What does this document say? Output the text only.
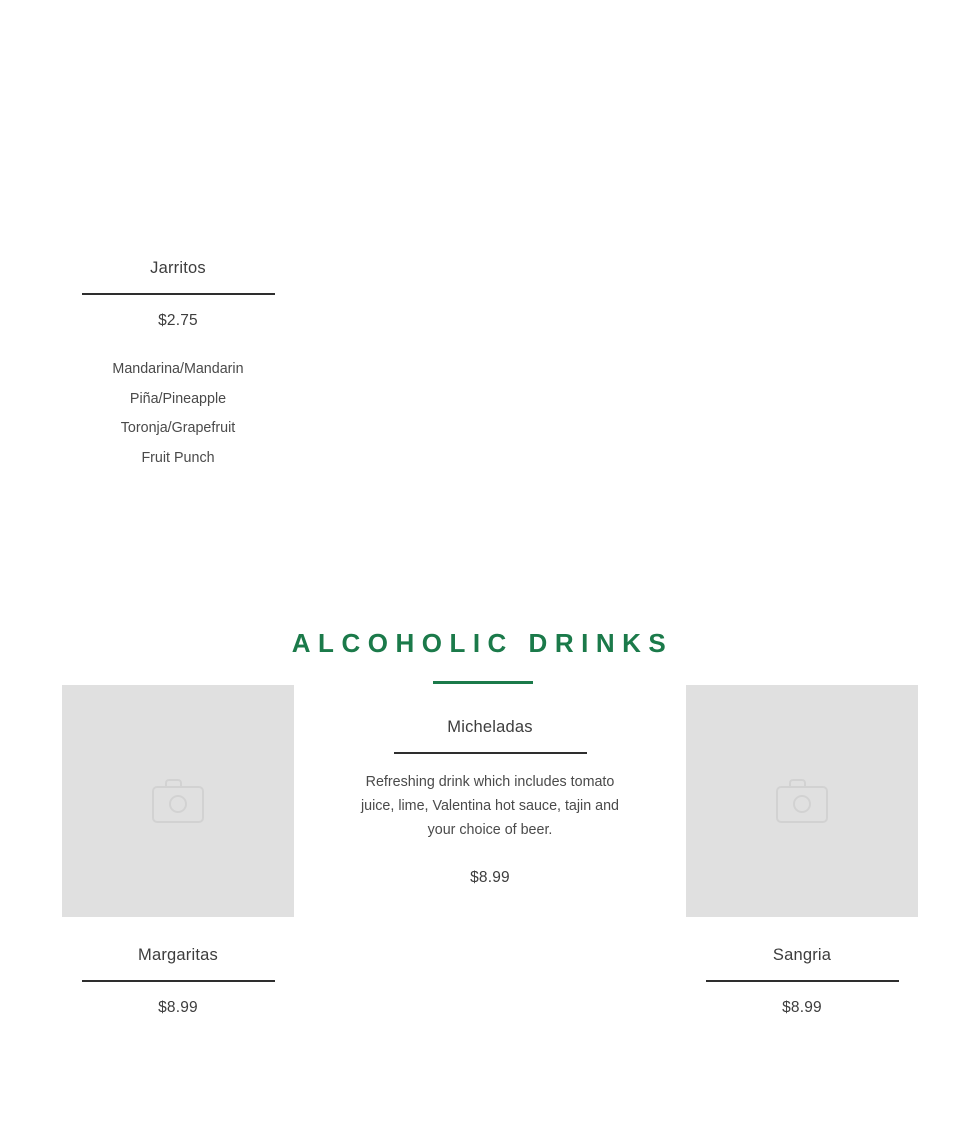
Jarritos
$2.75
Mandarina/Mandarin
Piña/Pineapple
Toronja/Grapefruit
Fruit Punch
ALCOHOLIC DRINKS
Margaritas
$8.99
Micheladas
Refreshing drink which includes tomato juice, lime, Valentina hot sauce, tajin and your choice of beer.
$8.99
Sangria
$8.99
